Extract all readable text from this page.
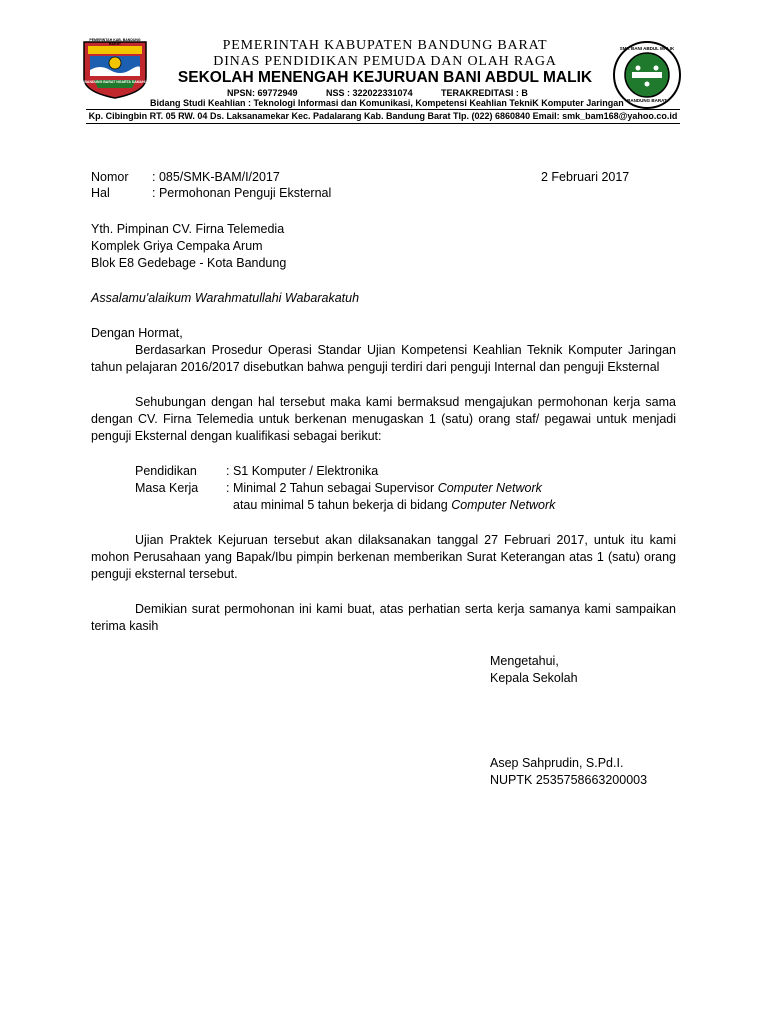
PEMERINTAH KAB. BANDUNG BARAT
BANDUNG BARAT NGARTA SAMAHI
SMK BANI ABDUL MALIK
BANDUNG BARAT
PEMERINTAH KABUPATEN BANDUNG BARAT
DINAS PENDIDIKAN PEMUDA DAN OLAH RAGA
SEKOLAH MENENGAH KEJURUAN BANI ABDUL MALIK
NPSN: 69772949	NSS : 322022331074	TERAKREDITASI : B
Bidang Studi Keahlian : Teknologi Informasi dan Komunikasi, Kompetensi Keahlian TekniK Komputer Jaringan
Kp. Cibingbin RT. 05 RW. 04 Ds. Laksanamekar Kec. Padalarang Kab. Bandung Barat Tlp. (022) 6860840 Email: smk_bam168@yahoo.co.id
Nomor : 085/SMK-BAM/I/2017	2 Februari 2017
Hal	: Permohonan Penguji Eksternal
Yth. Pimpinan CV. Firna Telemedia
Komplek Griya Cempaka Arum
Blok E8 Gedebage - Kota Bandung
Assalamu'alaikum Warahmatullahi Wabarakatuh
Dengan Hormat,
Berdasarkan Prosedur Operasi Standar Ujian Kompetensi Keahlian Teknik Komputer Jaringan
tahun pelajaran 2016/2017 disebutkan bahwa penguji terdiri dari penguji Internal dan penguji Eksternal
Sehubungan dengan hal tersebut maka kami bermaksud mengajukan permohonan kerja sama
dengan CV. Firna Telemedia untuk berkenan menugaskan 1 (satu) orang staf/ pegawai untuk menjadi
penguji Eksternal dengan kualifikasi sebagai berikut:
Pendidikan : S1 Komputer / Elektronika
Masa Kerja : Minimal 2 Tahun sebagai Supervisor Computer Network
atau minimal 5 tahun bekerja di bidang Computer Network
Ujian Praktek Kejuruan tersebut akan dilaksanakan tanggal 27 Februari 2017, untuk itu kami
mohon Perusahaan yang Bapak/Ibu pimpin berkenan memberikan Surat Keterangan atas 1 (satu) orang
penguji eksternal tersebut.
Demikian surat permohonan ini kami buat, atas perhatian serta kerja samanya kami sampaikan
terima kasih
Mengetahui,
Kepala Sekolah
Asep Sahprudin, S.Pd.I.
NUPTK 2535758663200003
